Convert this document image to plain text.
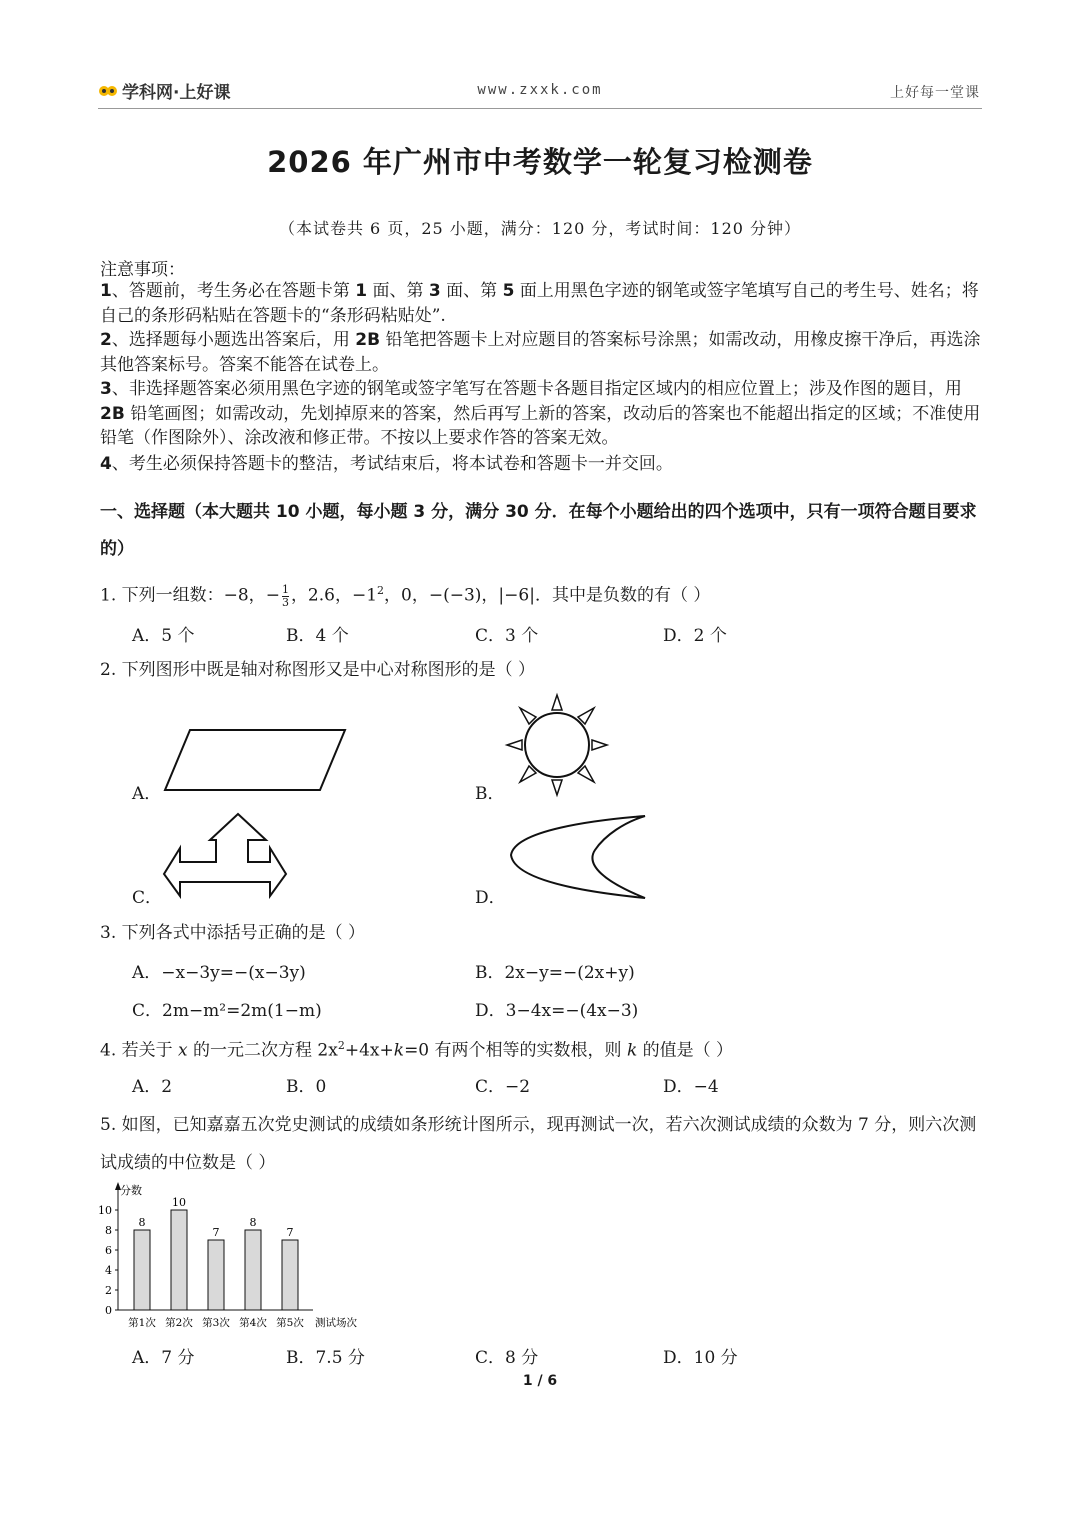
学科网·上好课	www.zxxk.com	上好每一堂课
2026 年广州市中考数学一轮复习检测卷
（本试卷共 6 页，25 小题，满分：120 分，考试时间：120 分钟）
注意事项：
1、答题前，考生务必在答题卡第 1 面、第 3 面、第 5 面上用黑色字迹的钢笔或签字笔填写自己的考生号、姓名；将自己的条形码粘贴在答题卡的“条形码粘贴处”.
2、选择题每小题选出答案后，用 2B 铅笔把答题卡上对应题目的答案标号涂黑；如需改动，用橡皮擦干净后，再选涂其他答案标号。答案不能答在试卷上。
3、非选择题答案必须用黑色字迹的钢笔或签字笔写在答题卡各题目指定区域内的相应位置上；涉及作图的题目，用 2B 铅笔画图；如需改动，先划掉原来的答案，然后再写上新的答案，改动后的答案也不能超出指定的区域；不准使用铅笔（作图除外）、涂改液和修正带。不按以上要求作答的答案无效。
4、考生必须保持答题卡的整洁，考试结束后，将本试卷和答题卡一并交回。
一、选择题（本大题共 10 小题，每小题 3 分，满分 30 分．在每个小题给出的四个选项中，只有一项符合题目要求的）
1. 下列一组数：−8，− $\frac{1}{3}$ ，2.6，$-1^2$，0，−(−3)，|−6|．其中是负数的有（ ）
A．5 个	B．4 个	C．3 个	D．2 个
2. 下列图形中既是轴对称图形又是中心对称图形的是（ ）
A．	B．
C．	D．
3. 下列各式中添括号正确的是（ ）
A．−x−3y=−(x−3y)	B．2x−y=−(2x+y)
C．2m−m²=2m(1−m)	D．3−4x=−(4x−3)
4. 若关于 x 的一元二次方程 $2x^2+4x+k=0$ 有两个相等的实数根，则 k 的值是（ ）
A．2	B．0	C．−2	D．−4
5. 如图，已知嘉嘉五次党史测试的成绩如条形统计图所示，现再测试一次，若六次测试成绩的众数为 7 分，则六次测试成绩的中位数是（ ）
分数
0
2
4
6
8
10
8
第1次
10
第2次
7
第3次
8
第4次
7
第5次 测试场次
A．7 分	B．7.5 分	C．8 分	D．10 分
1 / 6
